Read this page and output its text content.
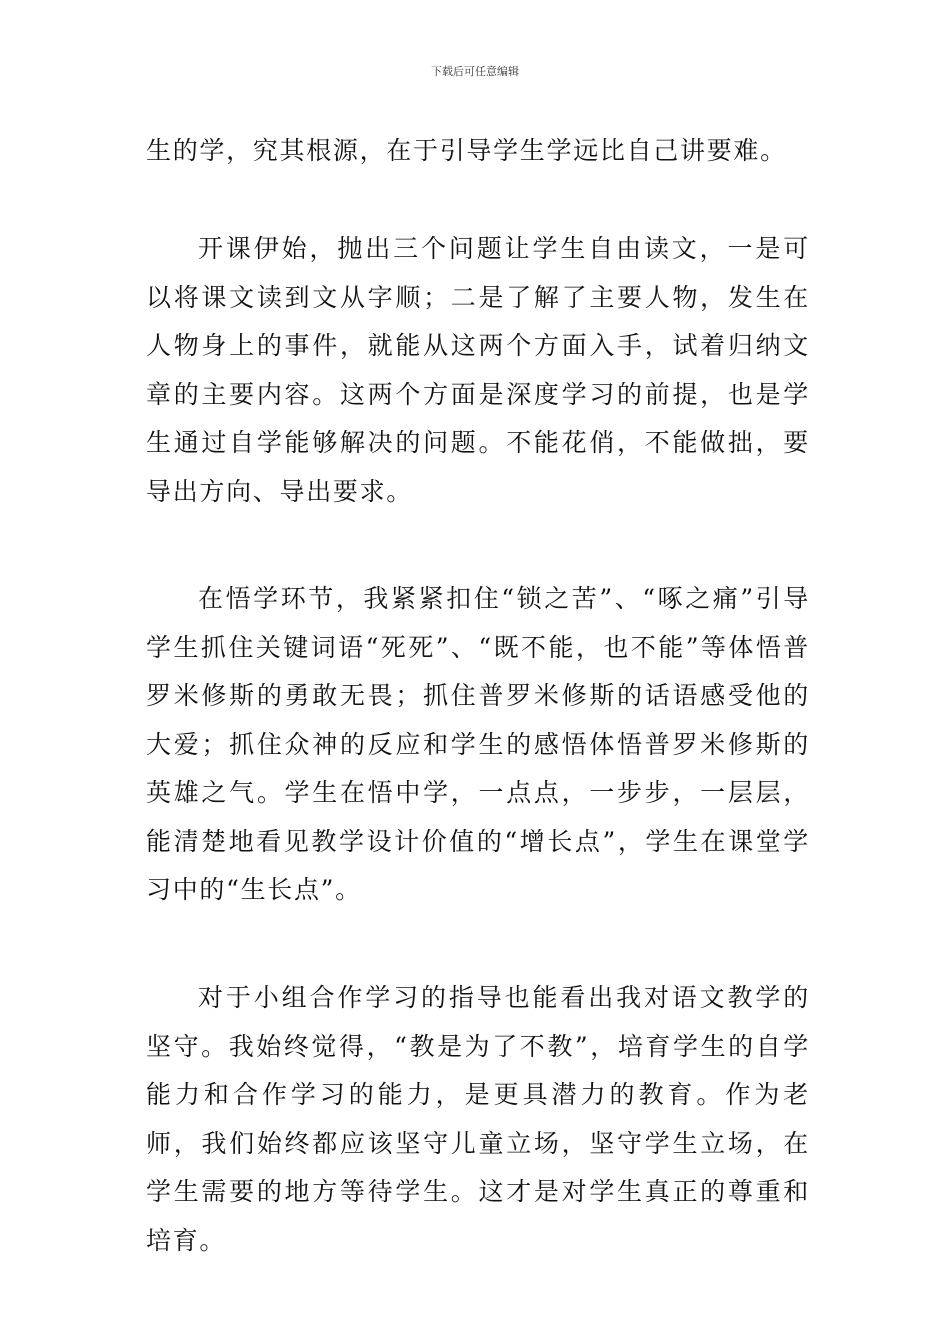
下载后可任意编辑

生的学，究其根源，在于引导学生学远比自己讲要难。

开课伊始，抛出三个问题让学生自由读文，一是可以将课文读到文从字顺；二是了解了主要人物，发生在人物身上的事件，就能从这两个方面入手，试着归纳文章的主要内容。这两个方面是深度学习的前提，也是学生通过自学能够解决的问题。不能花俏，不能做拙，要导出方向、导出要求。

在悟学环节，我紧紧扣住“锁之苦”、“啄之痛”引导学生抓住关键词语“死死”、“既不能，也不能”等体悟普罗米修斯的勇敢无畏；抓住普罗米修斯的话语感受他的大爱；抓住众神的反应和学生的感悟体悟普罗米修斯的英雄之气。学生在悟中学，一点点，一步步，一层层，能清楚地看见教学设计价值的“增长点”，学生在课堂学习中的“生长点”。

对于小组合作学习的指导也能看出我对语文教学的坚守。我始终觉得，“教是为了不教”，培育学生的自学能力和合作学习的能力，是更具潜力的教育。作为老师，我们始终都应该坚守儿童立场，坚守学生立场，在学生需要的地方等待学生。这才是对学生真正的尊重和培育。
